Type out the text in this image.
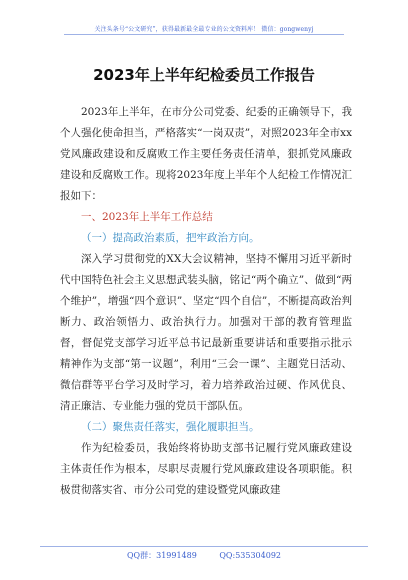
关注头条号“公文研究”，获得最新最全最专业的公文资料库！ 微信：gongwenyj
2023年上半年纪检委员工作报告

2023年上半年，在市分公司党委、纪委的正确领导下，我个人强化使命担当，严格落实“一岗双责”，对照2023年全市xx党风廉政建设和反腐败工作主要任务责任清单，狠抓党风廉政建设和反腐败工作。现将2023年度上半年个人纪检工作情况汇报如下：

一、2023年上半年工作总结

（一）提高政治素质，把牢政治方向。

深入学习贯彻党的XX大会议精神，坚持不懈用习近平新时代中国特色社会主义思想武装头脑，铭记“两个确立”、做到“两个维护”，增强“四个意识”、坚定“四个自信”，不断提高政治判断力、政治领悟力、政治执行力。加强对干部的教育管理监督，督促党支部学习近平总书记最新重要讲话和重要指示批示精神作为支部“第一议题”，利用“三会一课”、主题党日活动、微信群等平台学习及时学习，着力培养政治过硬、作风优良、清正廉洁、专业能力强的党员干部队伍。

（二）聚焦责任落实，强化履职担当。

作为纪检委员，我始终将协助支部书记履行党风廉政建设主体责任作为根本，尽职尽责履行党风廉政建设各项职能。积极贯彻落实省、市分公司党的建设暨党风廉政建

QQ群：31991489	QQ:535304092
